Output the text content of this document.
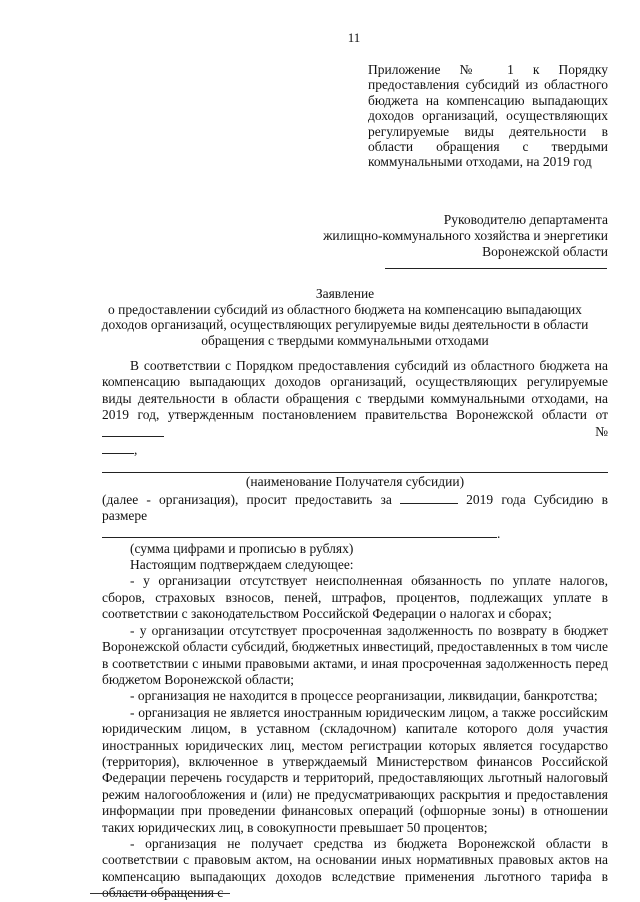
11
Приложение № 1 к Порядку предоставления субсидий из областного бюджета на компенсацию выпадающих доходов организаций, осуществляющих регулируемые виды деятельности в области обращения с твердыми коммунальными отходами, на 2019 год
Руководителю департамента
жилищно-коммунального хозяйства и энергетики
Воронежской области
Заявление
о предоставлении субсидий из областного бюджета на компенсацию выпадающих доходов организаций, осуществляющих регулируемые виды деятельности в области обращения с твердыми коммунальными отходами

В соответствии с Порядком предоставления субсидий из областного бюджета на компенсацию выпадающих доходов организаций, осуществляющих регулируемые виды деятельности в области обращения с твердыми коммунальными отходами, на 2019 год, утвержденным постановлением правительства Воронежской области от
№

,

(наименование Получателя субсидии)

(далее - организация), просит предоставить за	2019 года Субсидию в размере

.
(сумма цифрами и прописью в рублях)

Настоящим подтверждаем следующее:

- у организации отсутствует неисполненная обязанность по уплате налогов, сборов, страховых взносов, пеней, штрафов, процентов, подлежащих уплате в соответствии с законодательством Российской Федерации о налогах и сборах;

- у организации отсутствует просроченная задолженность по возврату в бюджет Воронежской области субсидий, бюджетных инвестиций, предоставленных в том числе в соответствии с иными правовыми актами, и иная просроченная задолженность перед бюджетом Воронежской области;

- организация не находится в процессе реорганизации, ликвидации, банкротства;

- организация не является иностранным юридическим лицом, а также российским юридическим лицом, в уставном (складочном) капитале которого доля участия иностранных юридических лиц, местом регистрации которых является государство (территория), включенное в утверждаемый Министерством финансов Российской Федерации перечень государств и территорий, предоставляющих льготный налоговый режим налогообложения и (или) не предусматривающих раскрытия и предоставления информации при проведении финансовых операций (офшорные зоны) в отношении таких юридических лиц, в совокупности превышает 50 процентов;

- организация не получает средства из бюджета Воронежской области в соответствии с правовым актом, на основании иных нормативных правовых актов на компенсацию выпадающих доходов вследствие применения льготного тарифа в области обращения с
